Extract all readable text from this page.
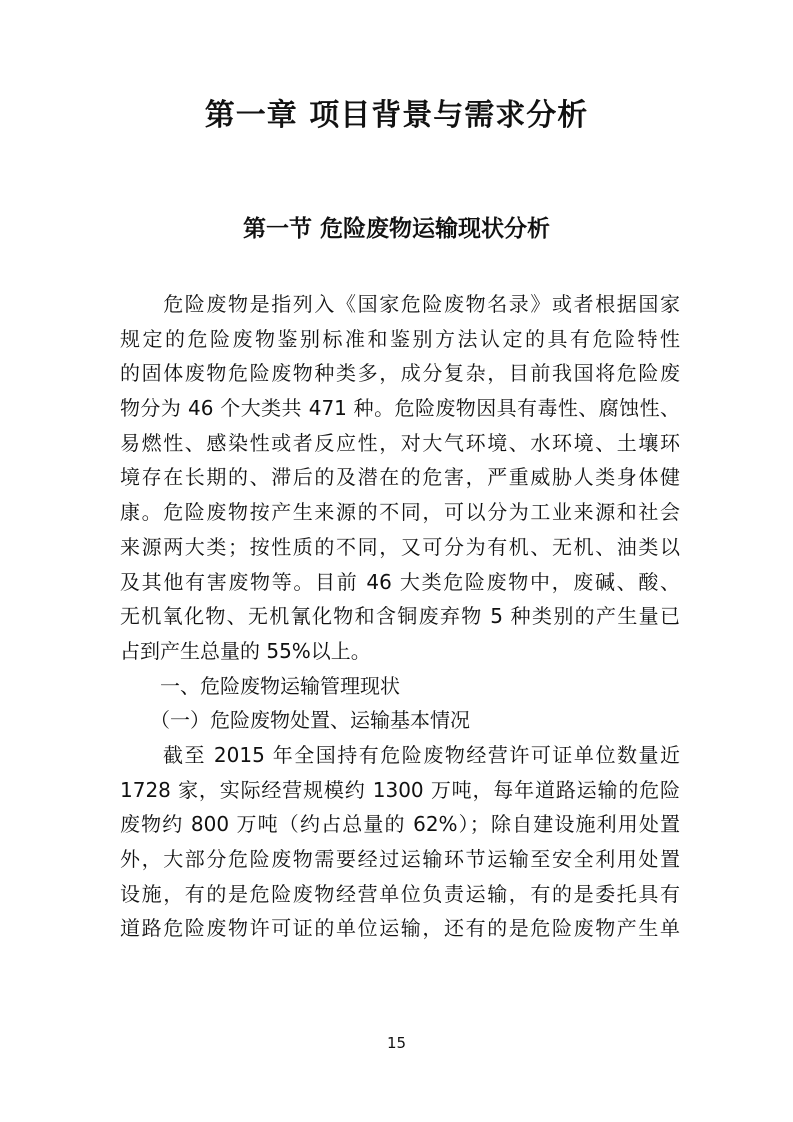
第一章 项目背景与需求分析
第一节 危险废物运输现状分析
　　危险废物是指列入《国家危险废物名录》或者根据国家
规定的危险废物鉴别标准和鉴别方法认定的具有危险特性
的固体废物危险废物种类多，成分复杂，目前我国将危险废
物分为 46 个大类共 471 种。危险废物因具有毒性、腐蚀性、
易燃性、感染性或者反应性，对大气环境、水环境、土壤环
境存在长期的、滞后的及潜在的危害，严重威胁人类身体健
康。危险废物按产生来源的不同，可以分为工业来源和社会
来源两大类；按性质的不同，又可分为有机、无机、油类以
及其他有害废物等。目前 46 大类危险废物中，废碱、酸、
无机氧化物、无机氰化物和含铜废弃物 5 种类别的产生量已
占到产生总量的 55%以上。
　　一、危险废物运输管理现状
　　（一）危险废物处置、运输基本情况
　　截至 2015 年全国持有危险废物经营许可证单位数量近
1728 家，实际经营规模约 1300 万吨，每年道路运输的危险
废物约 800 万吨（约占总量的 62%）；除自建设施利用处置
外，大部分危险废物需要经过运输环节运输至安全利用处置
设施，有的是危险废物经营单位负责运输，有的是委托具有
道路危险废物许可证的单位运输，还有的是危险废物产生单
15
